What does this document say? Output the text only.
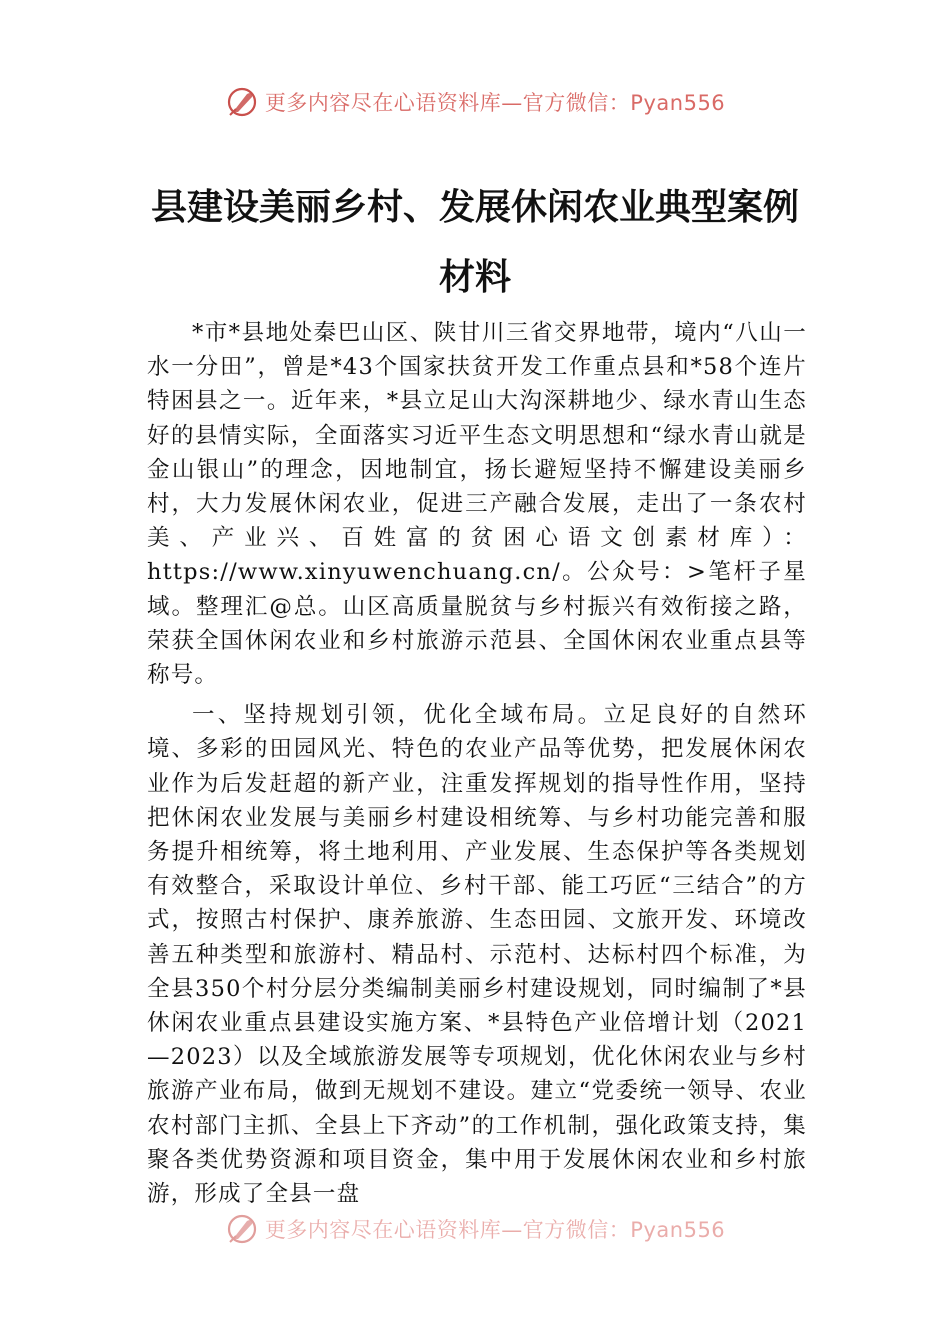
更多内容尽在心语资料库—官方微信：Pyan556
县建设美丽乡村、发展休闲农业典型案例
材料

*市*县地处秦巴山区、陕甘川三省交界地带，境内“八山一水一分田”，曾是*43个国家扶贫开发工作重点县和*58个连片特困县之一。近年来，*县立足山大沟深耕地少、绿水青山生态好的县情实际，全面落实习近平生态文明思想和“绿水青山就是金山银山”的理念，因地制宜，扬长避短坚持不懈建设美丽乡村，大力发展休闲农业，促进三产融合发展，走出了一条农村美、产业兴、百姓富的贫困心语文创素材库）：https://www.xinyuwenchuang.cn/。公众号：>笔杆子星域。整理汇@总。山区高质量脱贫与乡村振兴有效衔接之路，荣获全国休闲农业和乡村旅游示范县、全国休闲农业重点县等称号。

一、坚持规划引领，优化全域布局。立足良好的自然环境、多彩的田园风光、特色的农业产品等优势，把发展休闲农业作为后发赶超的新产业，注重发挥规划的指导性作用，坚持把休闲农业发展与美丽乡村建设相统筹、与乡村功能完善和服务提升相统筹，将土地利用、产业发展、生态保护等各类规划有效整合，采取设计单位、乡村干部、能工巧匠“三结合”的方式，按照古村保护、康养旅游、生态田园、文旅开发、环境改善五种类型和旅游村、精品村、示范村、达标村四个标准，为全县350个村分层分类编制美丽乡村建设规划，同时编制了*县休闲农业重点县建设实施方案、*县特色产业倍增计划（2021—2023）以及全域旅游发展等专项规划，优化休闲农业与乡村旅游产业布局，做到无规划不建设。建立“党委统一领导、农业农村部门主抓、全县上下齐动”的工作机制，强化政策支持，集聚各类优势资源和项目资金，集中用于发展休闲农业和乡村旅游，形成了全县一盘

更多内容尽在心语资料库—官方微信：Pyan556
